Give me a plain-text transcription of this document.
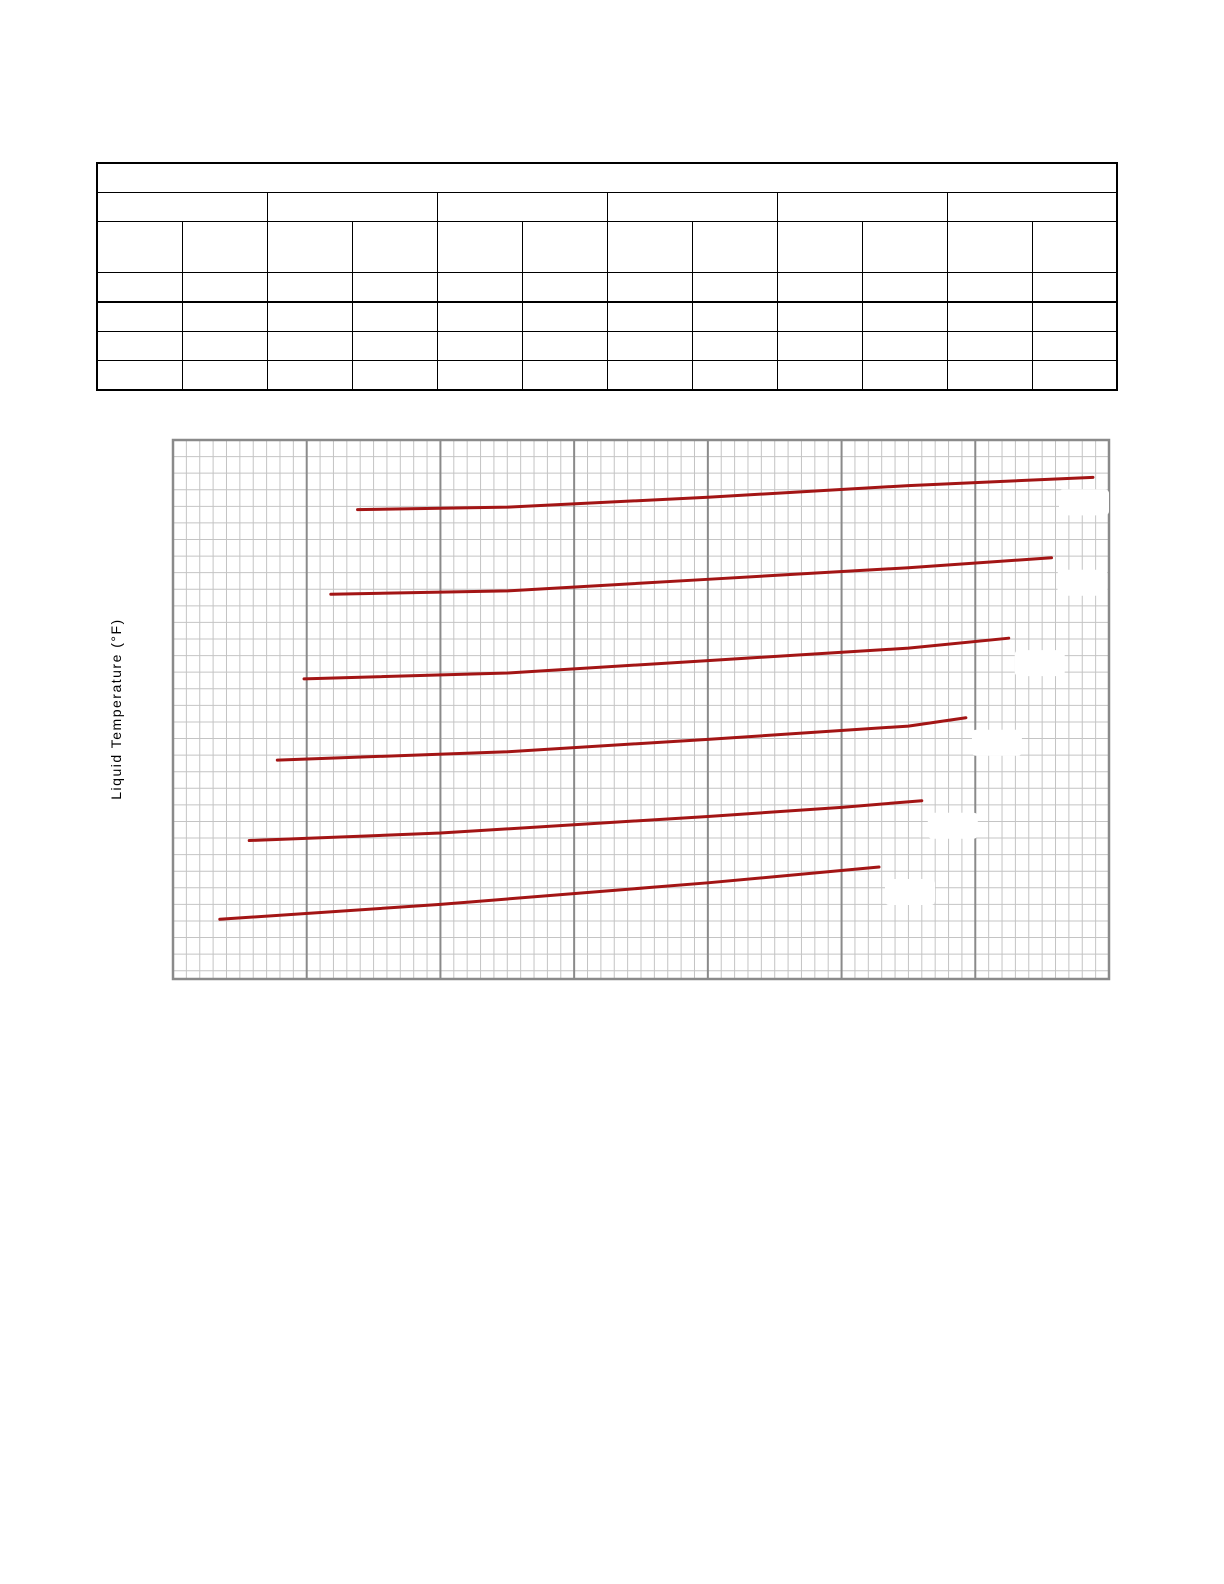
Liquid Temperature (°F)
